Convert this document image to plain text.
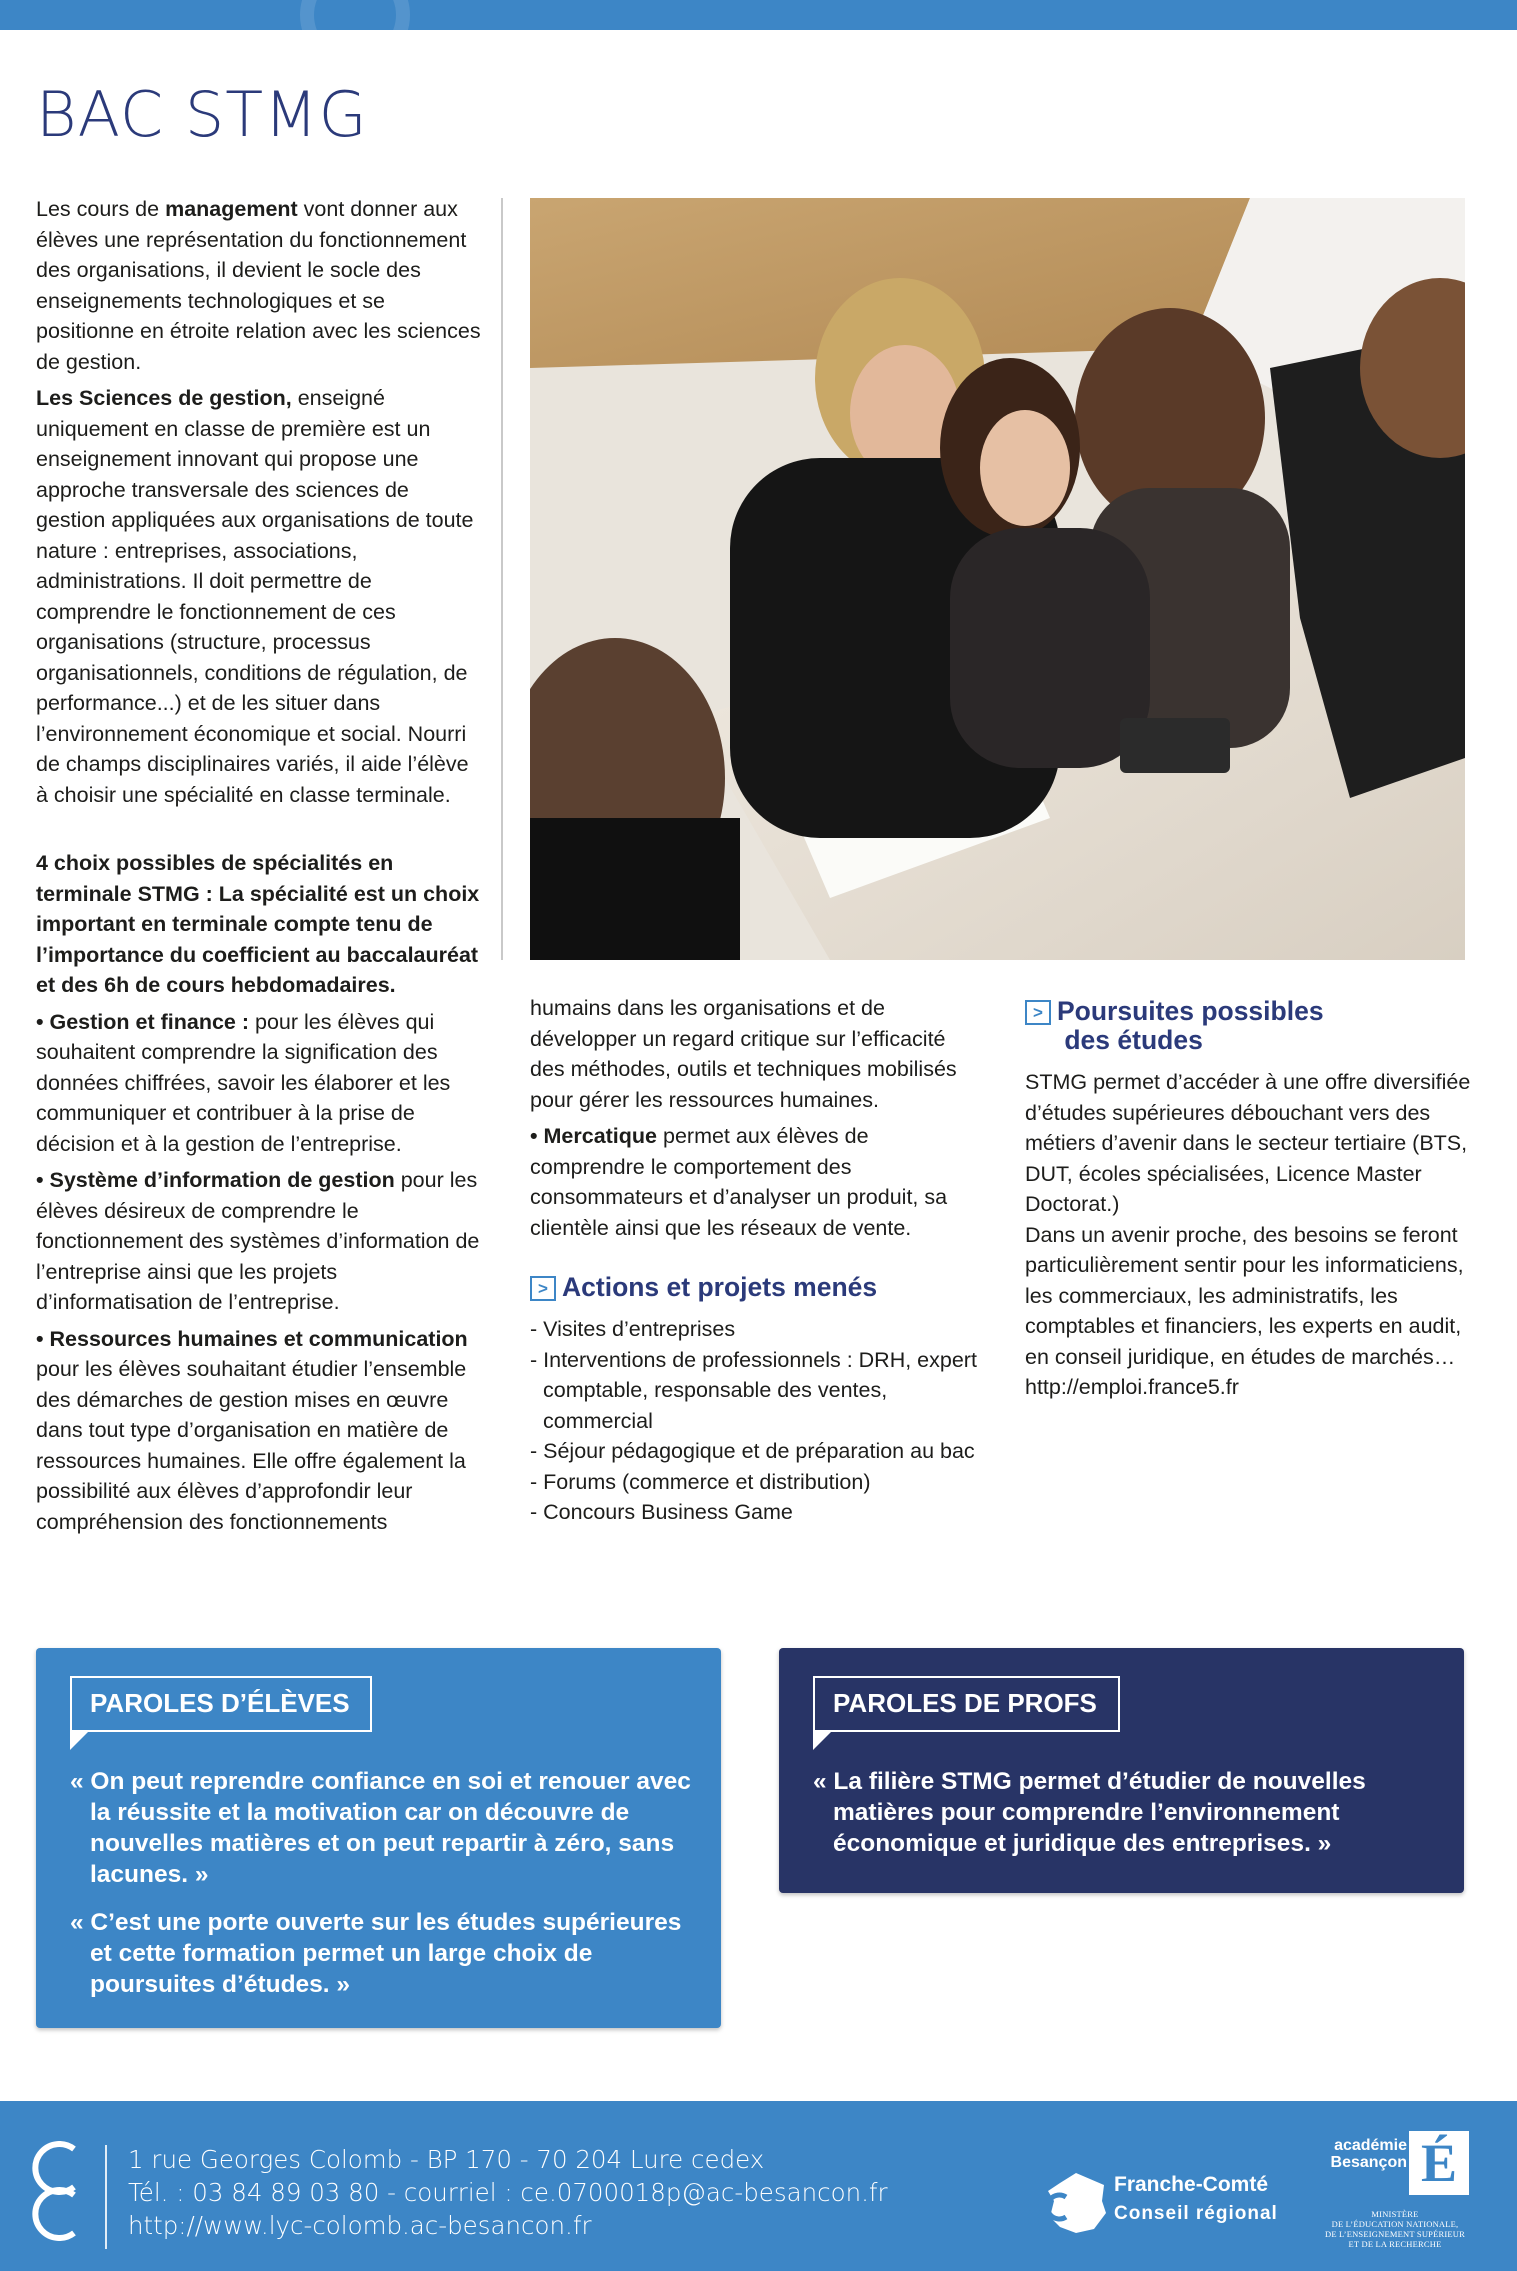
BAC STMG

Les cours de management vont donner aux élèves une représentation du fonctionnement des organisations, il devient le socle des enseignements technologiques et se positionne en étroite relation avec les sciences de gestion.

Les Sciences de gestion, enseigné uniquement en classe de première est un enseignement innovant qui propose une approche transversale des sciences de gestion appliquées aux organisations de toute nature : entreprises, associations, administrations. Il doit permettre de comprendre le fonctionnement de ces organisations (structure, processus organisationnels, conditions de régulation, de performance...) et de les situer dans l’environnement économique et social. Nourri de champs disciplinaires variés, il aide l’élève à choisir une spécialité en classe terminale.

4 choix possibles de spécialités en terminale STMG : La spécialité est un choix important en terminale compte tenu de l’importance du coefficient au baccalauréat et des 6h de cours hebdomadaires.

• Gestion et finance : pour les élèves qui souhaitent comprendre la signification des données chiffrées, savoir les élaborer et les communiquer et contribuer à la prise de décision et à la gestion de l’entreprise.

• Système d’information de gestion pour les élèves désireux de comprendre le fonctionnement des systèmes d’information de l’entreprise ainsi que les projets d’informatisation de l’entreprise.

• Ressources humaines et communication pour les élèves souhaitant étudier l’ensemble des démarches de gestion mises en œuvre dans tout type d’organisation en matière de ressources humaines. Elle offre également la possibilité aux élèves d’approfondir leur compréhension des fonctionnements

humains dans les organisations et de développer un regard critique sur l’efficacité des méthodes, outils et techniques mobilisés pour gérer les ressources humaines.

• Mercatique permet aux élèves de comprendre le comportement des consommateurs et d’analyser un produit, sa clientèle ainsi que les réseaux de vente.

> Actions et projets menés
- Visites d’entreprises
- Interventions de professionnels : DRH, expert comptable, responsable des ventes, commercial
- Séjour pédagogique et de préparation au bac
- Forums (commerce et distribution)
- Concours Business Game
> Poursuites possibles
des études

STMG permet d’accéder à une offre diversifiée d’études supérieures débouchant vers des métiers d’avenir dans le secteur tertiaire (BTS, DUT, écoles spécialisées, Licence Master Doctorat.)

Dans un avenir proche, des besoins se feront particulièrement sentir pour les informaticiens, les commerciaux, les administratifs, les comptables et financiers, les experts en audit, en conseil juridique, en études de marchés… http://emploi.france5.fr

PAROLES D’ÉLÈVES

« On peut reprendre confiance en soi et renouer avec la réussite et la motivation car on découvre de nouvelles matières et on peut repartir à zéro, sans lacunes. »

« C’est une porte ouverte sur les études supérieures et cette formation permet un large choix de poursuites d’études. »

PAROLES DE PROFS

« La filière STMG permet d’étudier de nouvelles matières pour comprendre l’environnement économique et juridique des entreprises. »

1 rue Georges Colomb - BP 170 - 70 204 Lure cedex
Tél. : 03 84 89 03 80 - courriel : ce.0700018p@ac-besancon.fr
http://www.lyc-colomb.ac-besancon.fr
Franche-Comté
Conseil régional
académie
Besançon É
MINISTÈRE
DE L’ÉDUCATION NATIONALE,
DE L’ENSEIGNEMENT SUPÉRIEUR
ET DE LA RECHERCHE
